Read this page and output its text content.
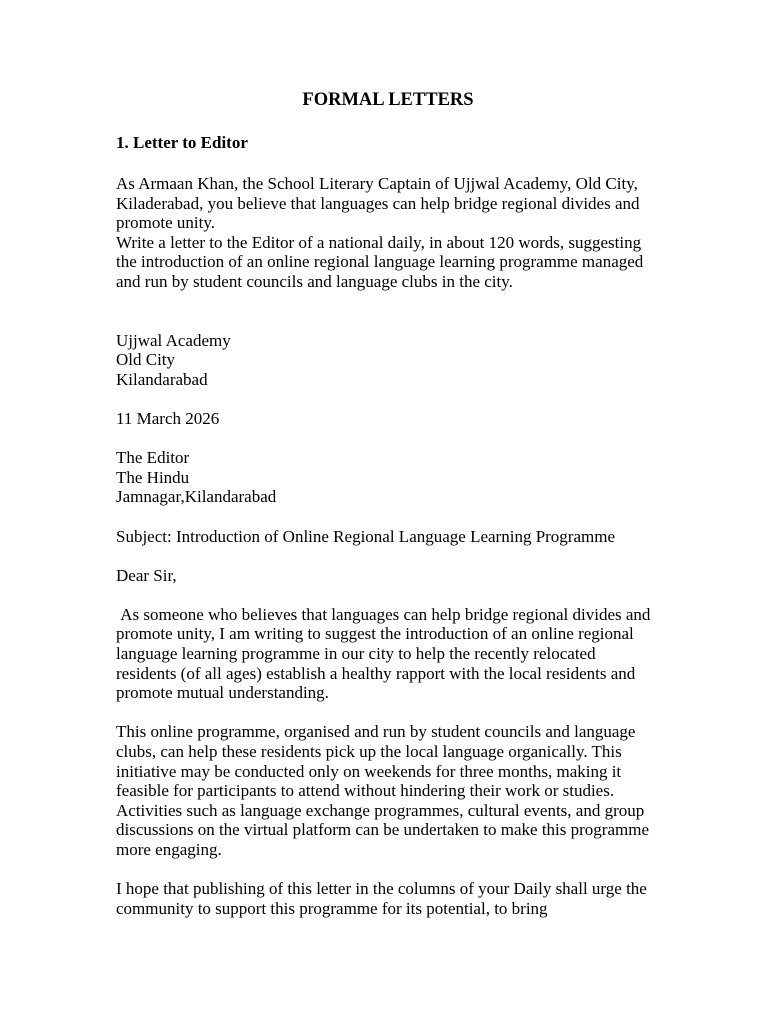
FORMAL LETTERS
1. Letter to Editor
As Armaan Khan, the School Literary Captain of Ujjwal Academy, Old City, Kiladerabad, you believe that languages can help bridge regional divides and promote unity.
Write a letter to the Editor of a national daily, in about 120 words, suggesting the introduction of an online regional language learning programme managed and run by student councils and language clubs in the city.
Ujjwal Academy
Old City
Kilandarabad
11 March 2026
The Editor
The Hindu
Jamnagar,Kilandarabad
Subject: Introduction of Online Regional Language Learning Programme
Dear Sir,
As someone who believes that languages can help bridge regional divides and promote unity, I am writing to suggest the introduction of an online regional language learning programme in our city to help the recently relocated residents (of all ages) establish a healthy rapport with the local residents and promote mutual understanding.
This online programme, organised and run by student councils and language clubs, can help these residents pick up the local language organically. This initiative may be conducted only on weekends for three months, making it feasible for participants to attend without hindering their work or studies. Activities such as language exchange programmes, cultural events, and group discussions on the virtual platform can be undertaken to make this programme more engaging.
I hope that publishing of this letter in the columns of your Daily shall urge the community to support this programme for its potential, to bring
